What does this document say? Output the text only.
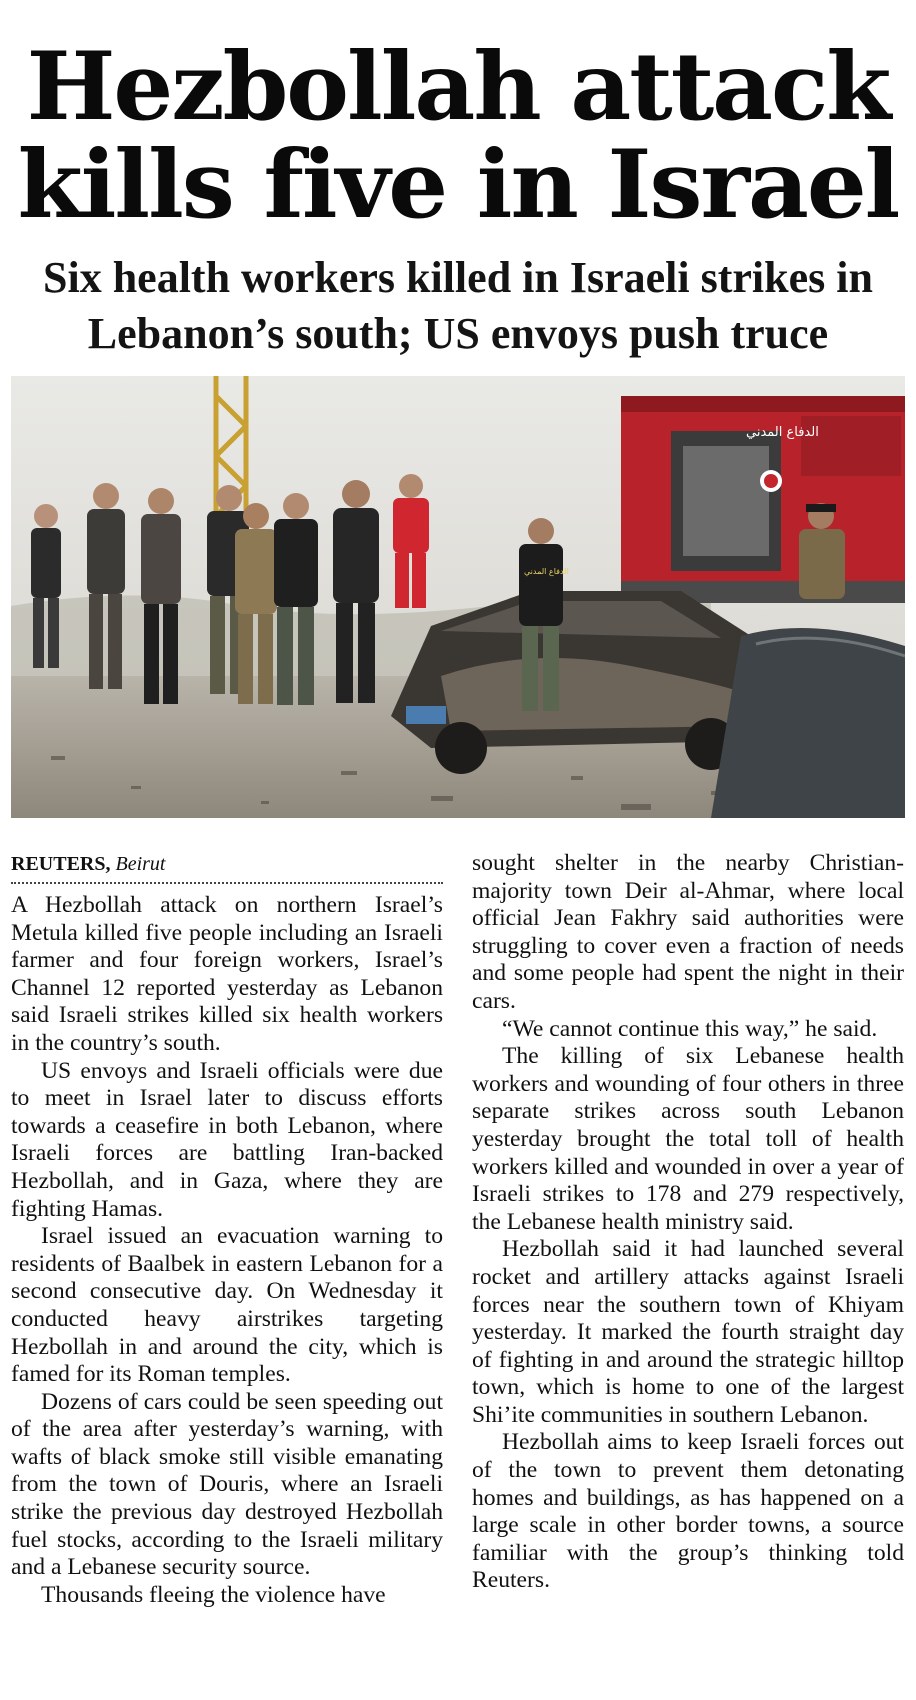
Hezbollah attack
kills five in Israel
Six health workers killed in Israeli strikes in
Lebanon’s south; US envoys push truce
الدفاع المدني
الدفاع المدني
REUTERS, Beirut

A Hezbollah attack on northern Israel’s Metula killed five people including an Israeli farmer and four foreign workers, Israel’s Channel 12 reported yesterday as Lebanon said Israeli strikes killed six health workers in the country’s south.

US envoys and Israeli officials were due to meet in Israel later to discuss efforts towards a ceasefire in both Lebanon, where Israeli forces are battling Iran-backed Hezbollah, and in Gaza, where they are fighting Hamas.

Israel issued an evacuation warning to residents of Baalbek in eastern Lebanon for a second consecutive day. On Wednesday it conducted heavy airstrikes targeting Hezbollah in and around the city, which is famed for its Roman temples.

Dozens of cars could be seen speeding out of the area after yesterday’s warning, with wafts of black smoke still visible emanating from the town of Douris, where an Israeli strike the previous day destroyed Hezbollah fuel stocks, according to the Israeli military and a Lebanese security source.

Thousands fleeing the violence have

sought shelter in the nearby Christian-majority town Deir al-Ahmar, where local official Jean Fakhry said authorities were struggling to cover even a fraction of needs and some people had spent the night in their cars.

“We cannot continue this way,” he said.

The killing of six Lebanese health workers and wounding of four others in three separate strikes across south Lebanon yesterday brought the total toll of health workers killed and wounded in over a year of Israeli strikes to 178 and 279 respectively, the Lebanese health ministry said.

Hezbollah said it had launched several rocket and artillery attacks against Israeli forces near the southern town of Khiyam yesterday. It marked the fourth straight day of fighting in and around the strategic hilltop town, which is home to one of the largest Shi’ite communities in southern Lebanon.

Hezbollah aims to keep Israeli forces out of the town to prevent them detonating homes and buildings, as has happened on a large scale in other border towns, a source familiar with the group’s thinking told Reuters.
